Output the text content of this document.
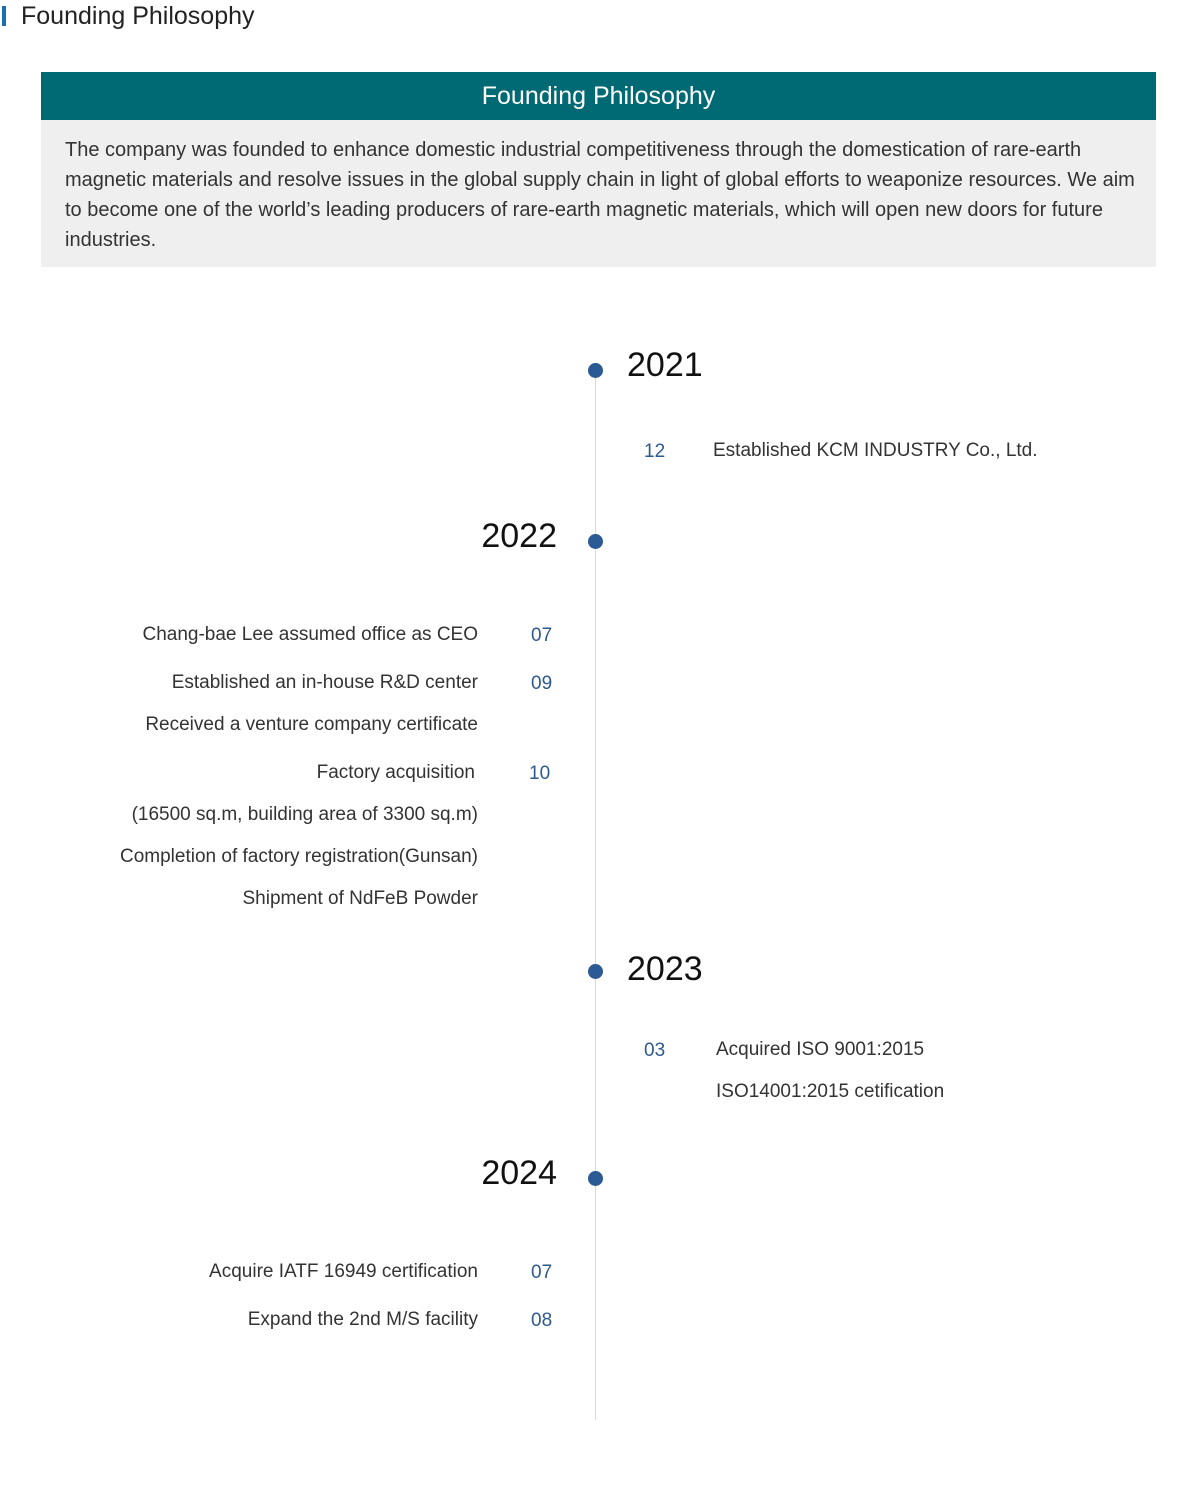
Founding Philosophy
Founding Philosophy
The company was founded to enhance domestic industrial competitiveness through the domestication of rare-earth magnetic materials and resolve issues in the global supply chain in light of global efforts to weaponize resources. We aim to become one of the world’s leading producers of rare-earth magnetic materials, which will open new doors for future industries.
2021
12	Established KCM INDUSTRY Co., Ltd.
2022
Chang-bae Lee assumed office as CEO	07
Established an in-house R&D center	09
Received a venture company certificate
Factory acquisition	10
(16500 sq.m, building area of 3300 sq.m)
Completion of factory registration(Gunsan)
Shipment of NdFeB Powder
2023
03	Acquired ISO 9001:2015
ISO14001:2015 cetification
2024
Acquire IATF 16949 certification	07
Expand the 2nd M/S facility	08
